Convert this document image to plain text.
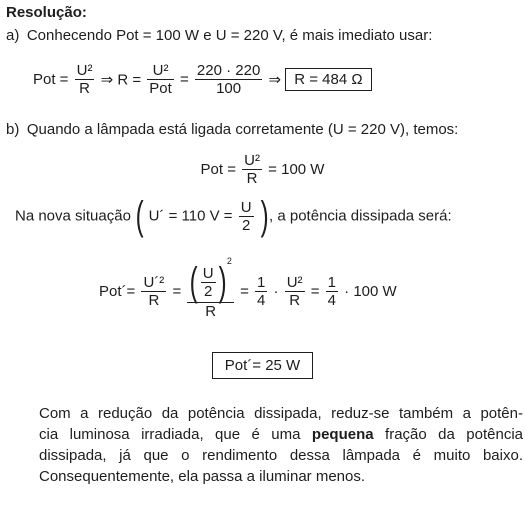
Resolução:
a) Conhecendo Pot = 100 W e U = 220 V, é mais imediato usar:
Pot = $\frac{\text{U²}}{R}$ ⇒ $R = \frac{\text{U²}}{\text{Pot}} = \frac{220 \cdot 220}{100}$ ⇒ R = 484 Ω
b) Quando a lâmpada está ligada corretamente (U = 220 V), temos:
Pot = $\frac{\text{U²}}{R} = 100$ W
Na nova situação ( U´ = 110 $V = \frac{U}{2}$ ), a potência dissipada será:
Pot´= $\frac{\text{U´²}}{R} = \frac{( \frac{U}{2} )^2}{R} = \frac{1}{4} \cdot \frac{\text{U²}}{R} = \frac{1}{4} \cdot 100$ W
Pot´= 25 W
Com a redução da potência dissipada, reduz-se também a potên-
cia luminosa irradiada, que é uma pequena fração da potência
dissipada, já que o rendimento dessa lâmpada é muito baixo.
Consequentemente, ela passa a iluminar menos.
